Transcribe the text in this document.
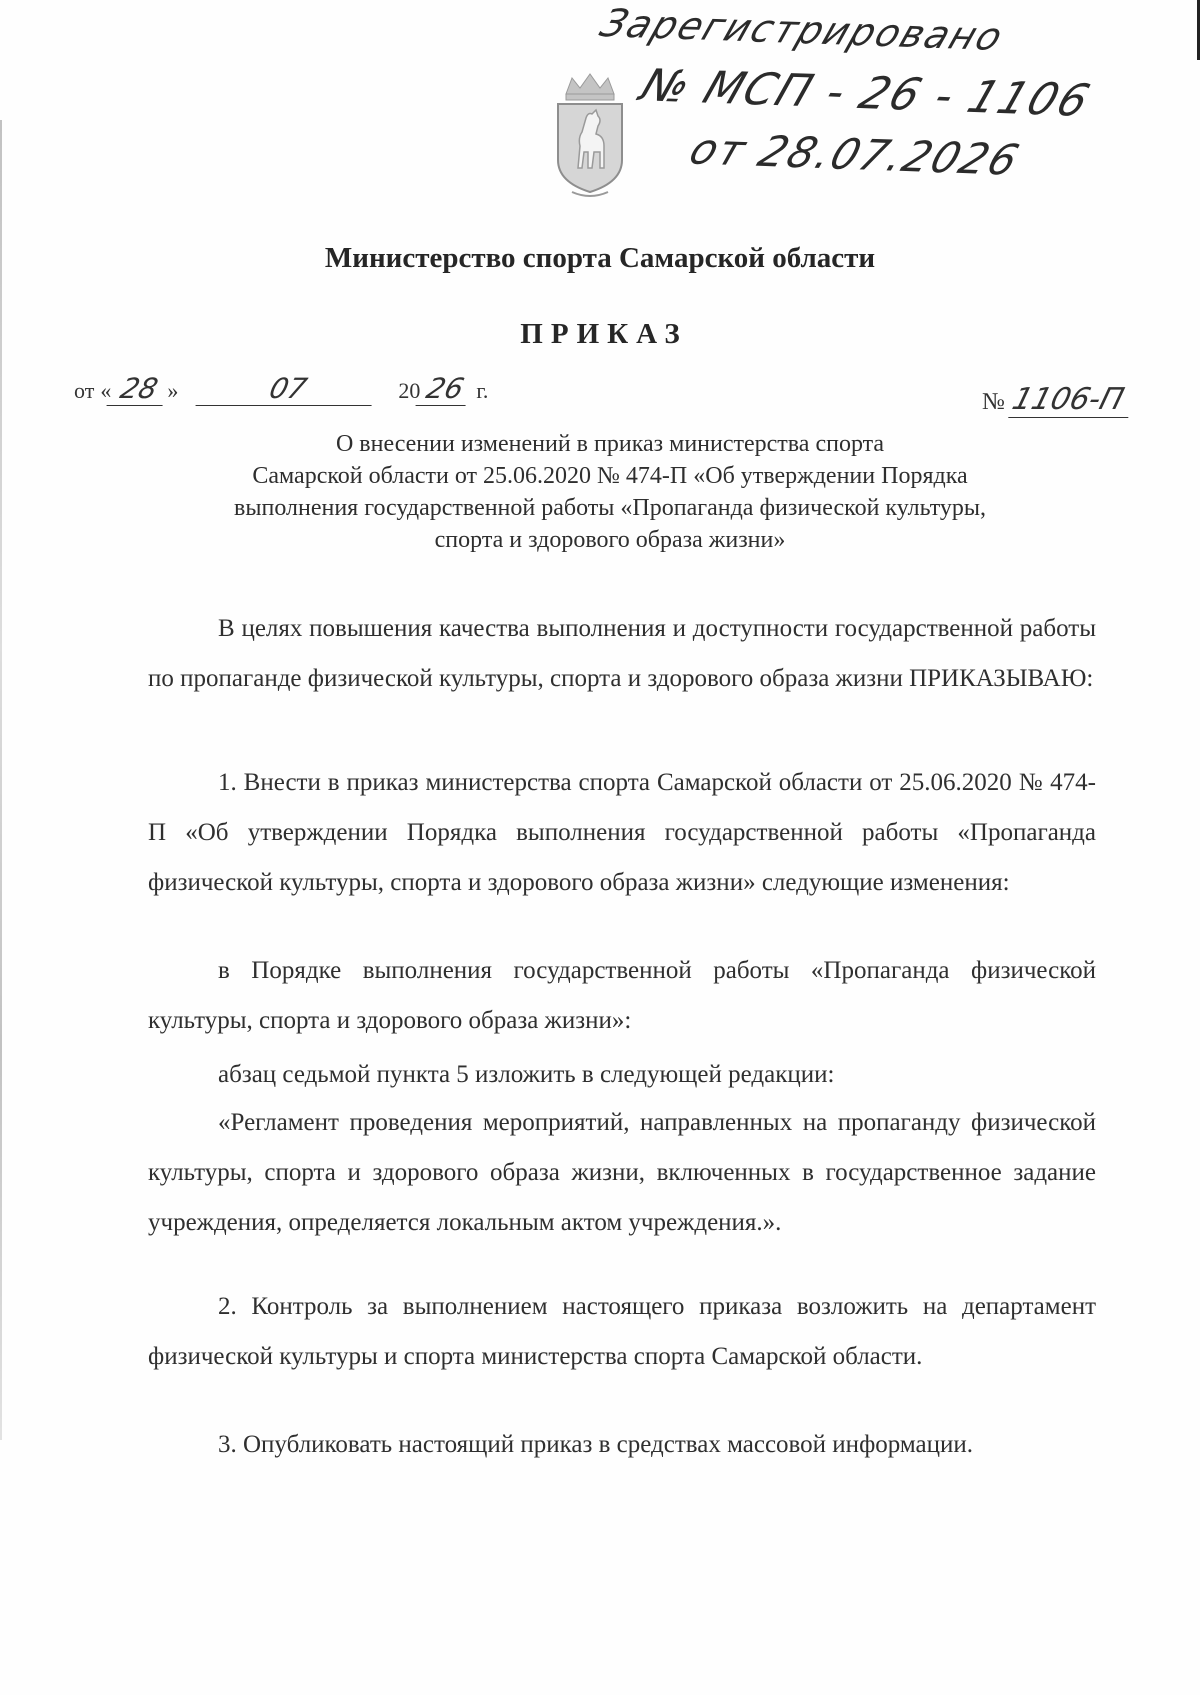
Зарегистрировано
№ МСП - 26 - 1106
от 28.07.2026
Министерство спорта Самарской области
ПРИКАЗ
от « 28 »	07	20 26 г.	№ 1106-П
О внесении изменений в приказ министерства спорта
Самарской области от 25.06.2020 № 474-П «Об утверждении Порядка
выполнения государственной работы «Пропаганда физической культуры,
спорта и здорового образа жизни»
В целях повышения качества выполнения и доступности государственной работы по пропаганде физической культуры, спорта и здорового образа жизни ПРИКАЗЫВАЮ:
1. Внести в приказ министерства спорта Самарской области от 25.06.2020 № 474-П «Об утверждении Порядка выполнения государственной работы «Пропаганда физической культуры, спорта и здорового образа жизни» следующие изменения:
в Порядке выполнения государственной работы «Пропаганда физической культуры, спорта и здорового образа жизни»:
абзац седьмой пункта 5 изложить в следующей редакции:
«Регламент проведения мероприятий, направленных на пропаганду физической культуры, спорта и здорового образа жизни, включенных в государственное задание учреждения, определяется локальным актом учреждения.».
2. Контроль за выполнением настоящего приказа возложить на департамент физической культуры и спорта министерства спорта Самарской области.
3. Опубликовать настоящий приказ в средствах массовой информации.
